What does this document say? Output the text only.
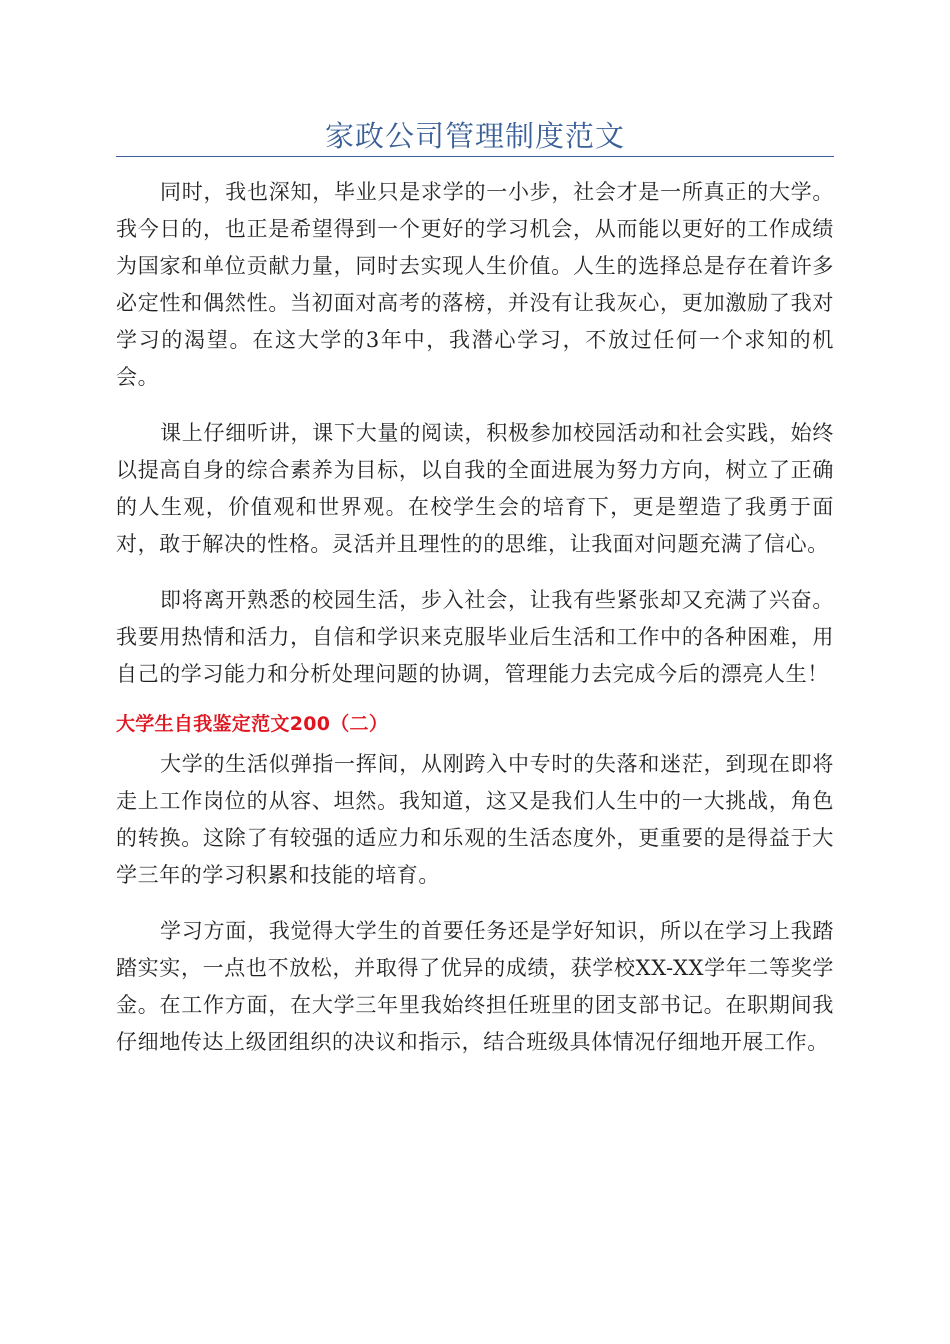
家政公司管理制度范文

同时，我也深知，毕业只是求学的一小步，社会才是一所真正的大学。我今日的，也正是希望得到一个更好的学习机会，从而能以更好的工作成绩为国家和单位贡献力量，同时去实现人生价值。人生的选择总是存在着许多必定性和偶然性。当初面对高考的落榜，并没有让我灰心，更加激励了我对学习的渴望。在这大学的3年中，我潜心学习，不放过任何一个求知的机会。

课上仔细听讲，课下大量的阅读，积极参加校园活动和社会实践，始终以提高自身的综合素养为目标，以自我的全面进展为努力方向，树立了正确的人生观，价值观和世界观。在校学生会的培育下，更是塑造了我勇于面对，敢于解决的性格。灵活并且理性的的思维，让我面对问题充满了信心。

即将离开熟悉的校园生活，步入社会，让我有些紧张却又充满了兴奋。我要用热情和活力，自信和学识来克服毕业后生活和工作中的各种困难，用自己的学习能力和分析处理问题的协调，管理能力去完成今后的漂亮人生！

大学生自我鉴定范文200（二）

大学的生活似弹指一挥间，从刚跨入中专时的失落和迷茫，到现在即将走上工作岗位的从容、坦然。我知道，这又是我们人生中的一大挑战，角色的转换。这除了有较强的适应力和乐观的生活态度外，更重要的是得益于大学三年的学习积累和技能的培育。

学习方面，我觉得大学生的首要任务还是学好知识，所以在学习上我踏踏实实，一点也不放松，并取得了优异的成绩，获学校XX-XX学年二等奖学金。在工作方面，在大学三年里我始终担任班里的团支部书记。在职期间我仔细地传达上级团组织的决议和指示，结合班级具体情况仔细地开展工作。
